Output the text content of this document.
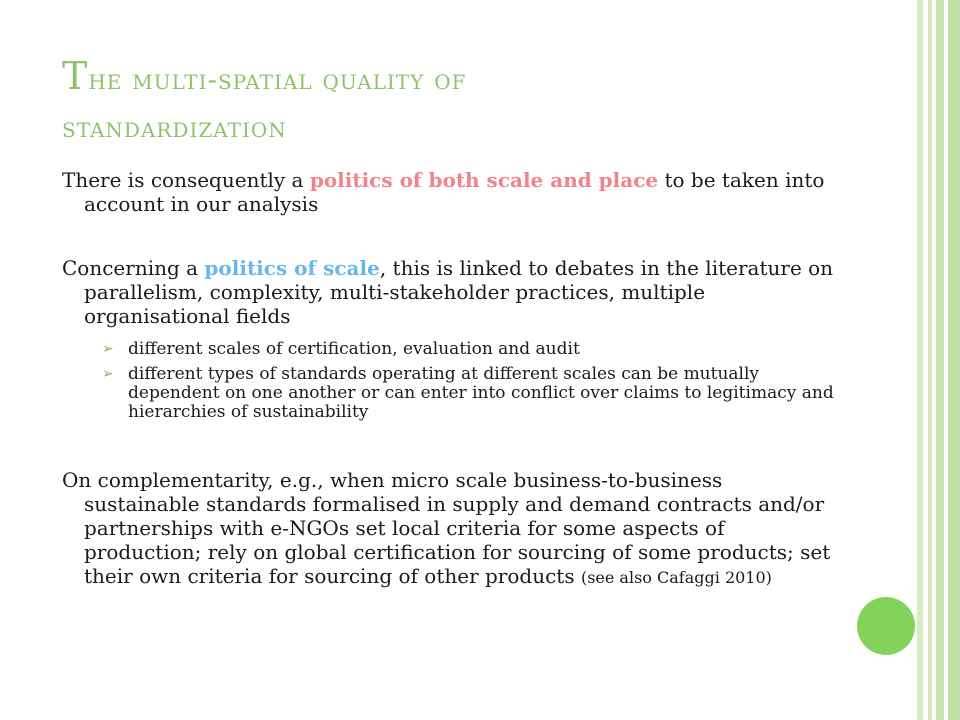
The multi-spatial quality of
standardization

There is consequently a politics of both scale and place to be taken into account in our analysis

Concerning a politics of scale, this is linked to debates in the literature on parallelism, complexity, multi-stakeholder practices, multiple organisational fields

➢ different scales of certification, evaluation and audit
➢ different types of standards operating at different scales can be mutually dependent on one another or can enter into conflict over claims to legitimacy and hierarchies of sustainability

On complementarity, e.g., when micro scale business-to-business sustainable standards formalised in supply and demand contracts and/or partnerships with e-NGOs set local criteria for some aspects of production; rely on global certification for sourcing of some products; set their own criteria for sourcing of other products (see also Cafaggi 2010)
